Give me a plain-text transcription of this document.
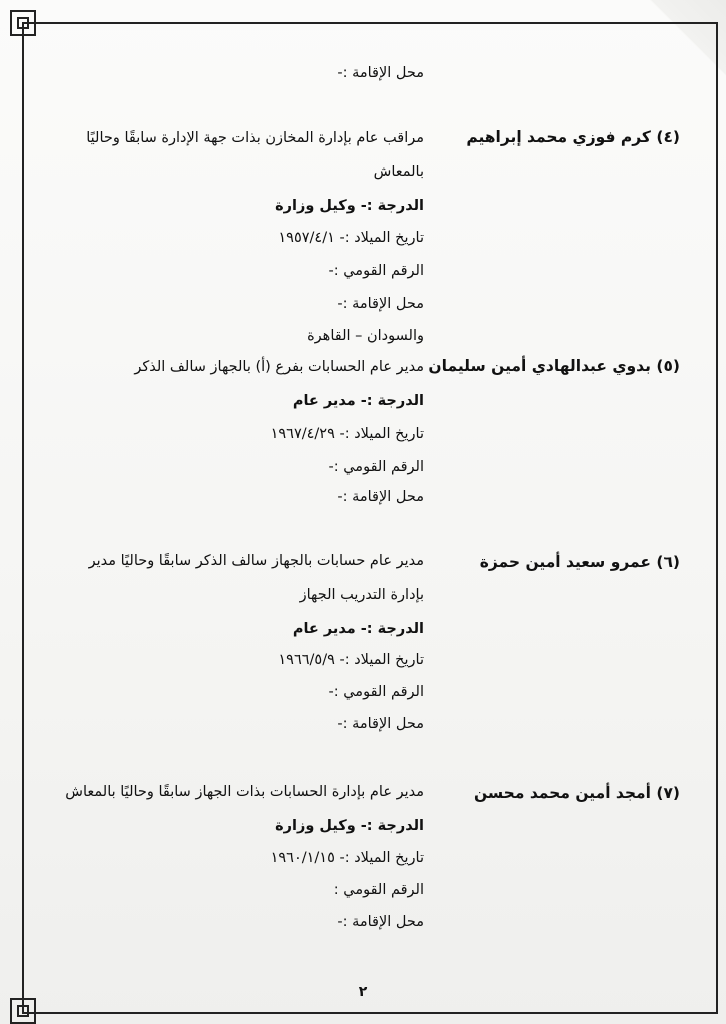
محل الإقامة :-
(٤) كرم فوزي محمد إبراهيم
مراقب عام بإدارة المخازن بذات جهة الإدارة سابقًا وحاليًا
بالمعاش
الدرجة :- وكيل وزارة
تاريخ الميلاد :- ١٩٥٧/٤/١
الرقم القومي :-
محل الإقامة :-
والسودان – القاهرة
(٥) بدوي عبدالهادي أمين سليمان
مدير عام الحسابات بفرع (أ) بالجهاز سالف الذكر
الدرجة :- مدير عام
تاريخ الميلاد :- ١٩٦٧/٤/٢٩
الرقم القومي :-
محل الإقامة :-
(٦) عمرو سعيد أمين حمزة
مدير عام حسابات بالجهاز سالف الذكر سابقًا وحاليًا مدير
بإدارة التدريب الجهاز
الدرجة :- مدير عام
تاريخ الميلاد :- ١٩٦٦/٥/٩
الرقم القومي :-
محل الإقامة :-
(٧) أمجد أمين محمد محسن
مدير عام بإدارة الحسابات بذات الجهاز سابقًا وحاليًا بالمعاش
الدرجة :- وكيل وزارة
تاريخ الميلاد :- ١٩٦٠/١/١٥
الرقم القومي :
محل الإقامة :-
٢
